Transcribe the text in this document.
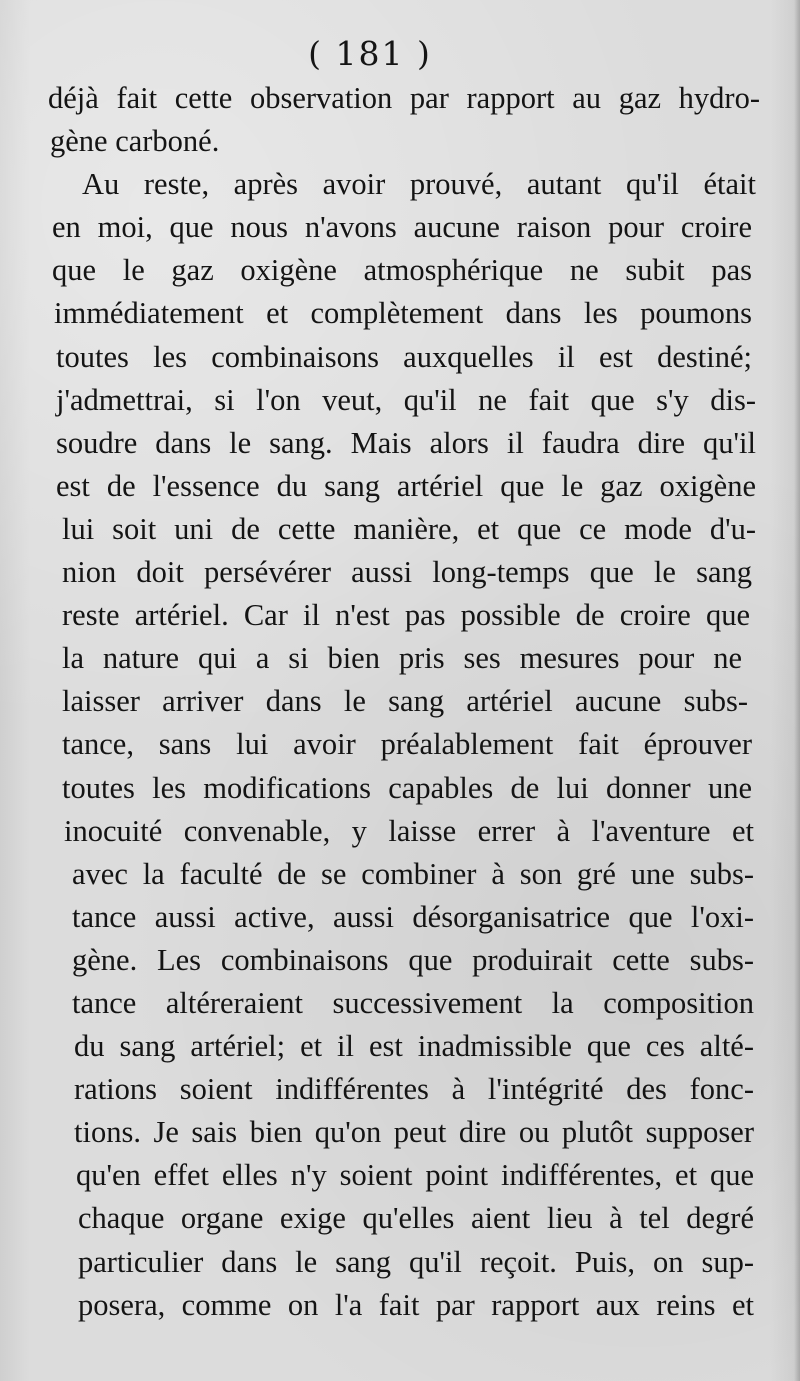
( 181 )
déjà fait cette observation par rapport au gaz hydro-
gène carboné.
Au reste, après avoir prouvé, autant qu'il était
en moi, que nous n'avons aucune raison pour croire
que le gaz oxigène atmosphérique ne subit pas
immédiatement et complètement dans les poumons
toutes les combinaisons auxquelles il est destiné;
j'admettrai, si l'on veut, qu'il ne fait que s'y dis-
soudre dans le sang. Mais alors il faudra dire qu'il
est de l'essence du sang artériel que le gaz oxigène
lui soit uni de cette manière, et que ce mode d'u-
nion doit persévérer aussi long-temps que le sang
reste artériel. Car il n'est pas possible de croire que
la nature qui a si bien pris ses mesures pour ne
laisser arriver dans le sang artériel aucune subs-
tance, sans lui avoir préalablement fait éprouver
toutes les modifications capables de lui donner une
inocuité convenable, y laisse errer à l'aventure et
avec la faculté de se combiner à son gré une subs-
tance aussi active, aussi désorganisatrice que l'oxi-
gène. Les combinaisons que produirait cette subs-
tance altéreraient successivement la composition
du sang artériel; et il est inadmissible que ces alté-
rations soient indifférentes à l'intégrité des fonc-
tions. Je sais bien qu'on peut dire ou plutôt supposer
qu'en effet elles n'y soient point indifférentes, et que
chaque organe exige qu'elles aient lieu à tel degré
particulier dans le sang qu'il reçoit. Puis, on sup-
posera, comme on l'a fait par rapport aux reins et
